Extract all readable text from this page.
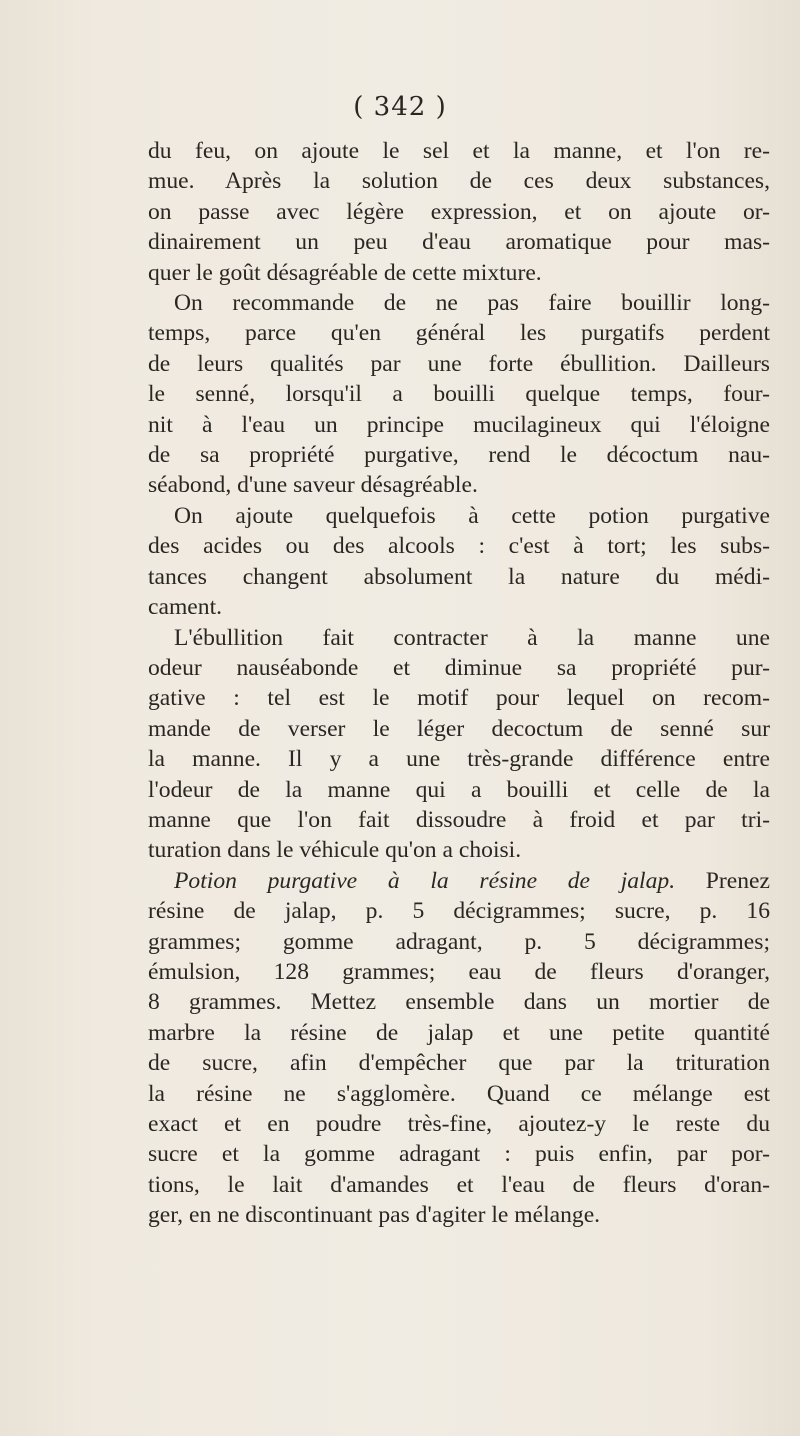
( 342 )
du feu, on ajoute le sel et la manne, et l'on re-
mue. Après la solution de ces deux substances,
on passe avec légère expression, et on ajoute or-
dinairement un peu d'eau aromatique pour mas-
quer le goût désagréable de cette mixture.
On recommande de ne pas faire bouillir long-
temps, parce qu'en général les purgatifs perdent
de leurs qualités par une forte ébullition. Dailleurs
le senné, lorsqu'il a bouilli quelque temps, four-
nit à l'eau un principe mucilagineux qui l'éloigne
de sa propriété purgative, rend le décoctum nau-
séabond, d'une saveur désagréable.
On ajoute quelquefois à cette potion purgative
des acides ou des alcools : c'est à tort; les subs-
tances changent absolument la nature du médi-
cament.
L'ébullition fait contracter à la manne une
odeur nauséabonde et diminue sa propriété pur-
gative : tel est le motif pour lequel on recom-
mande de verser le léger decoctum de senné sur
la manne. Il y a une très-grande différence entre
l'odeur de la manne qui a bouilli et celle de la
manne que l'on fait dissoudre à froid et par tri-
turation dans le véhicule qu'on a choisi.
Potion purgative à la résine de jalap. Prenez
résine de jalap, p. 5 décigrammes; sucre, p. 16
grammes; gomme adragant, p. 5 décigrammes;
émulsion, 128 grammes; eau de fleurs d'oranger,
8 grammes. Mettez ensemble dans un mortier de
marbre la résine de jalap et une petite quantité
de sucre, afin d'empêcher que par la trituration
la résine ne s'agglomère. Quand ce mélange est
exact et en poudre très-fine, ajoutez-y le reste du
sucre et la gomme adragant : puis enfin, par por-
tions, le lait d'amandes et l'eau de fleurs d'oran-
ger, en ne discontinuant pas d'agiter le mélange.
